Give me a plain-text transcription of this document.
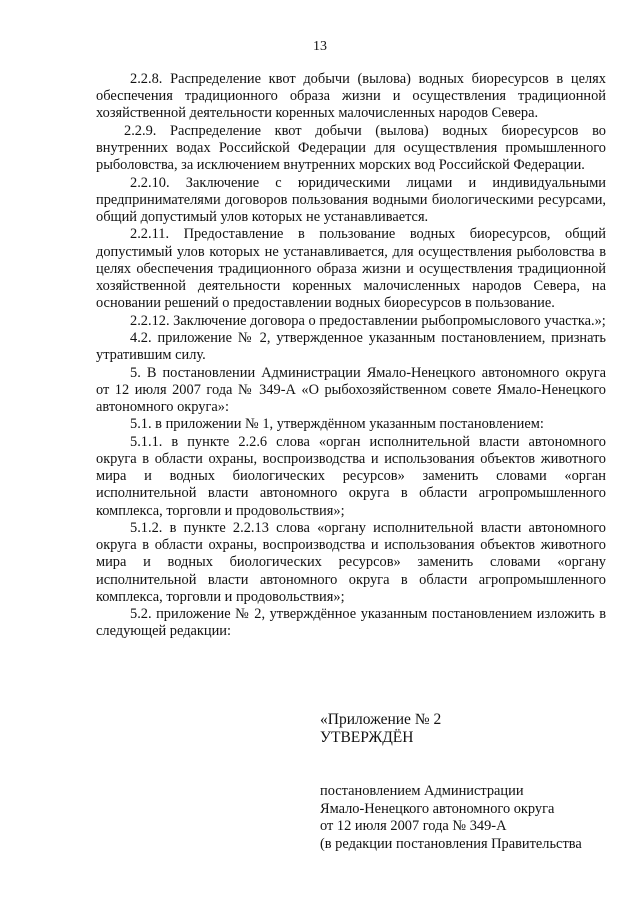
13

2.2.8. Распределение квот добычи (вылова) водных биоресурсов в целях обеспечения традиционного образа жизни и осуществления традиционной хозяйственной деятельности коренных малочисленных народов Севера.

2.2.9. Распределение квот добычи (вылова) водных биоресурсов во внутренних водах Российской Федерации для осуществления промышленного рыболовства, за исключением внутренних морских вод Российской Федерации.

2.2.10. Заключение с юридическими лицами и индивидуальными предпринимателями договоров пользования водными биологическими ресурсами, общий допустимый улов которых не устанавливается.

2.2.11. Предоставление в пользование водных биоресурсов, общий допустимый улов которых не устанавливается, для осуществления рыболовства в целях обеспечения традиционного образа жизни и осуществления традиционной хозяйственной деятельности коренных малочисленных народов Севера, на основании решений о предоставлении водных биоресурсов в пользование.

2.2.12. Заключение договора о предоставлении рыбопромыслового участка.»;

4.2. приложение № 2, утвержденное указанным постановлением, признать утратившим силу.

5. В постановлении Администрации Ямало-Ненецкого автономного округа от 12 июля 2007 года № 349-А «О рыбохозяйственном совете Ямало-Ненецкого автономного округа»:

5.1. в приложении № 1, утверждённом указанным постановлением:

5.1.1. в пункте 2.2.6 слова «орган исполнительной власти автономного округа в области охраны, воспроизводства и использования объектов животного мира и водных биологических ресурсов» заменить словами «орган исполнительной власти автономного округа в области агропромышленного комплекса, торговли и продовольствия»;

5.1.2. в пункте 2.2.13 слова «органу исполнительной власти автономного округа в области охраны, воспроизводства и использования объектов животного мира и водных биологических ресурсов» заменить словами «органу исполнительной власти автономного округа в области агропромышленного комплекса, торговли и продовольствия»;

5.2. приложение № 2, утверждённое указанным постановлением изложить в следующей редакции:

«Приложение № 2

УТВЕРЖДЁН

постановлением Администрации

Ямало-Ненецкого автономного округа

от 12 июля 2007 года № 349-А

(в редакции постановления Правительства
